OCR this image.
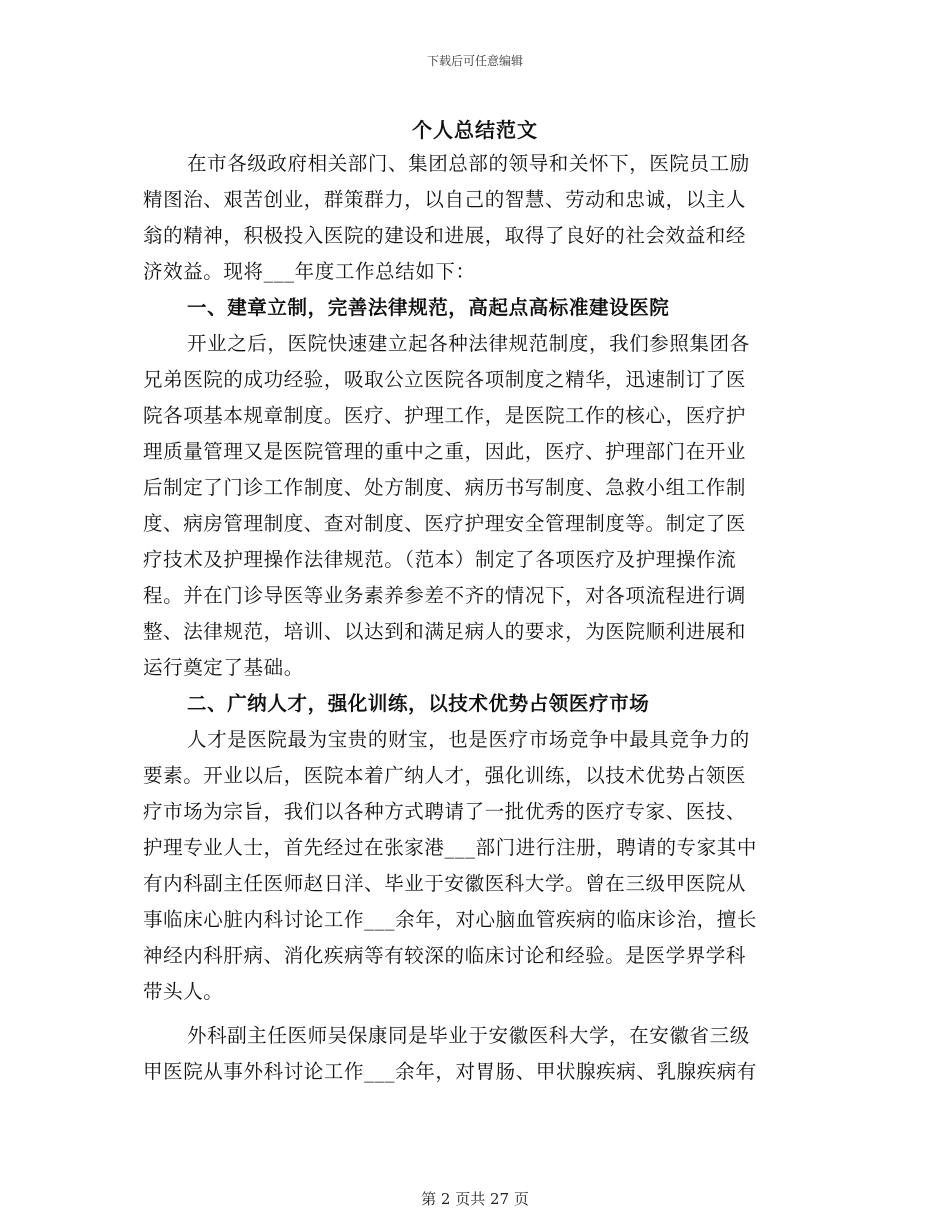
下载后可任意编辑
个人总结范文
在市各级政府相关部门、集团总部的领导和关怀下，医院员工励
精图治、艰苦创业，群策群力，以自己的智慧、劳动和忠诚，以主人
翁的精神，积极投入医院的建设和进展，取得了良好的社会效益和经
济效益。现将___年度工作总结如下：
一、建章立制，完善法律规范，高起点高标准建设医院
开业之后，医院快速建立起各种法律规范制度，我们参照集团各
兄弟医院的成功经验，吸取公立医院各项制度之精华，迅速制订了医
院各项基本规章制度。医疗、护理工作，是医院工作的核心，医疗护
理质量管理又是医院管理的重中之重，因此，医疗、护理部门在开业
后制定了门诊工作制度、处方制度、病历书写制度、急救小组工作制
度、病房管理制度、查对制度、医疗护理安全管理制度等。制定了医
疗技术及护理操作法律规范。（范本）制定了各项医疗及护理操作流
程。并在门诊导医等业务素养参差不齐的情况下，对各项流程进行调
整、法律规范，培训、以达到和满足病人的要求，为医院顺利进展和
运行奠定了基础。
二、广纳人才，强化训练，以技术优势占领医疗市场
人才是医院最为宝贵的财宝，也是医疗市场竞争中最具竞争力的
要素。开业以后，医院本着广纳人才，强化训练，以技术优势占领医
疗市场为宗旨，我们以各种方式聘请了一批优秀的医疗专家、医技、
护理专业人士，首先经过在张家港___部门进行注册，聘请的专家其中
有内科副主任医师赵日洋、毕业于安徽医科大学。曾在三级甲医院从
事临床心脏内科讨论工作___余年，对心脑血管疾病的临床诊治，擅长
神经内科肝病、消化疾病等有较深的临床讨论和经验。是医学界学科
带头人。
外科副主任医师吴保康同是毕业于安徽医科大学，在安徽省三级
甲医院从事外科讨论工作___余年，对胃肠、甲状腺疾病、乳腺疾病有
第 2 页共 27 页
